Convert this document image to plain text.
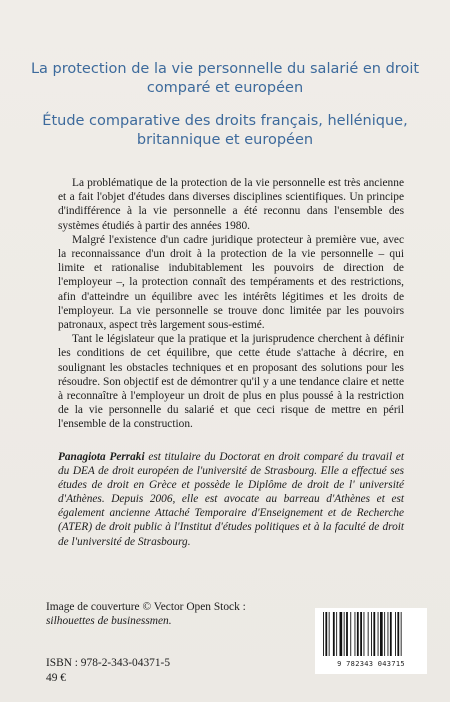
La protection de la vie personnelle du salarié en droit comparé et européen

Étude comparative des droits français, hellénique, britannique et européen

La problématique de la protection de la vie personnelle est très ancienne et a fait l'objet d'études dans diverses disciplines scientifiques. Un principe d'indifférence à la vie personnelle a été reconnu dans l'ensemble des systèmes étudiés à partir des années 1980.

Malgré l'existence d'un cadre juridique protecteur à première vue, avec la reconnaissance d'un droit à la protection de la vie personnelle – qui limite et rationalise indubitablement les pouvoirs de direction de l'employeur –, la protection connaît des tempéraments et des restrictions, afin d'atteindre un équilibre avec les intérêts légitimes et les droits de l'employeur. La vie personnelle se trouve donc limitée par les pouvoirs patronaux, aspect très largement sous-estimé.

Tant le législateur que la pratique et la jurisprudence cherchent à définir les conditions de cet équilibre, que cette étude s'attache à décrire, en soulignant les obstacles techniques et en proposant des solutions pour les résoudre. Son objectif est de démontrer qu'il y a une tendance claire et nette à reconnaître à l'employeur un droit de plus en plus poussé à la restriction de la vie personnelle du salarié et que ceci risque de mettre en péril l'ensemble de la construction.

Panagiota Perraki est titulaire du Doctorat en droit comparé du travail et du DEA de droit européen de l'université de Strasbourg. Elle a effectué ses études de droit en Grèce et possède le Diplôme de droit de l' université d'Athènes. Depuis 2006, elle est avocate au barreau d'Athènes et est également ancienne Attaché Temporaire d'Enseignement et de Recherche (ATER) de droit public à l'Institut d'études politiques et à la faculté de droit de l'université de Strasbourg.
Image de couverture © Vector Open Stock :
silhouettes de businessmen.
ISBN : 978-2-343-04371-5
49 €
9 782343 043715
